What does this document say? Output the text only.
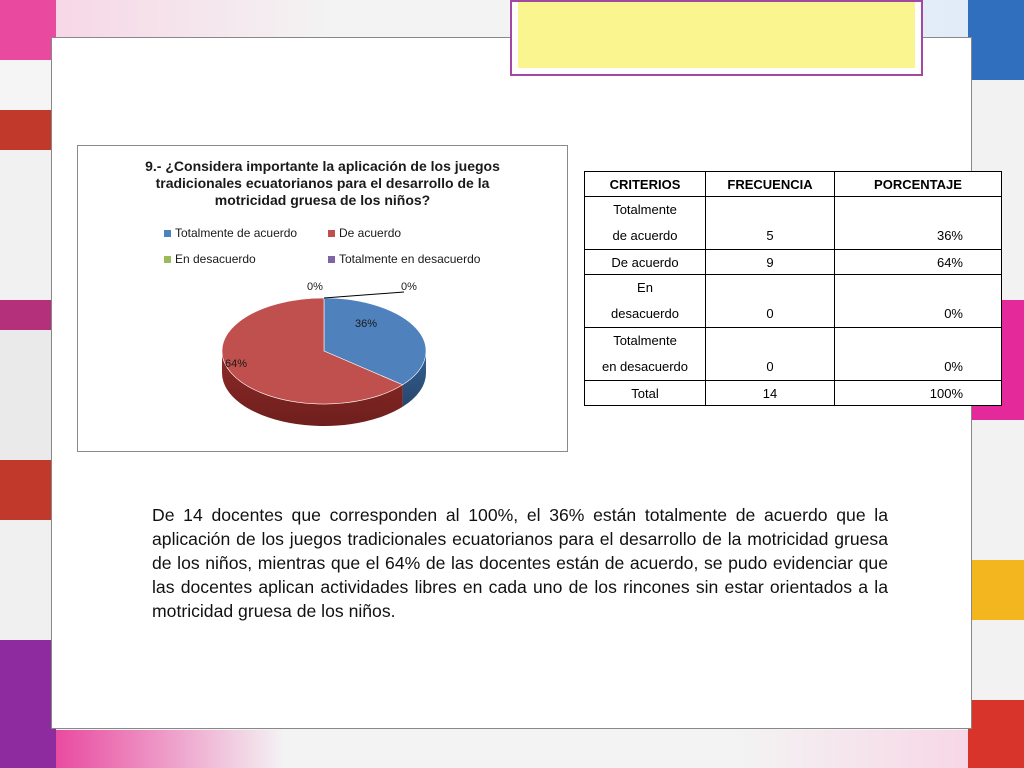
9.- ¿Considera importante la aplicación de los juegos
tradicionales ecuatorianos para el desarrollo de la
motricidad gruesa de los niños?
Totalmente de acuerdo	De acuerdo
En desacuerdo	Totalmente en desacuerdo
36%
64%
0%	0%
CRITERIOS	FRECUENCIA	PORCENTAJE

Totalmente
de acuerdo	5	36%

De acuerdo	9	64%

En
desacuerdo	0	0%

Totalmente
en desacuerdo	0	0%

Total	14	100%
De 14 docentes que corresponden al 100%, el 36% están totalmente de acuerdo que la aplicación de los juegos tradicionales ecuatorianos para el desarrollo de la motricidad gruesa de los niños, mientras que el 64% de las docentes están de acuerdo, se pudo evidenciar que las docentes aplican actividades libres en cada uno de los rincones sin estar orientados a la motricidad gruesa de los niños.
